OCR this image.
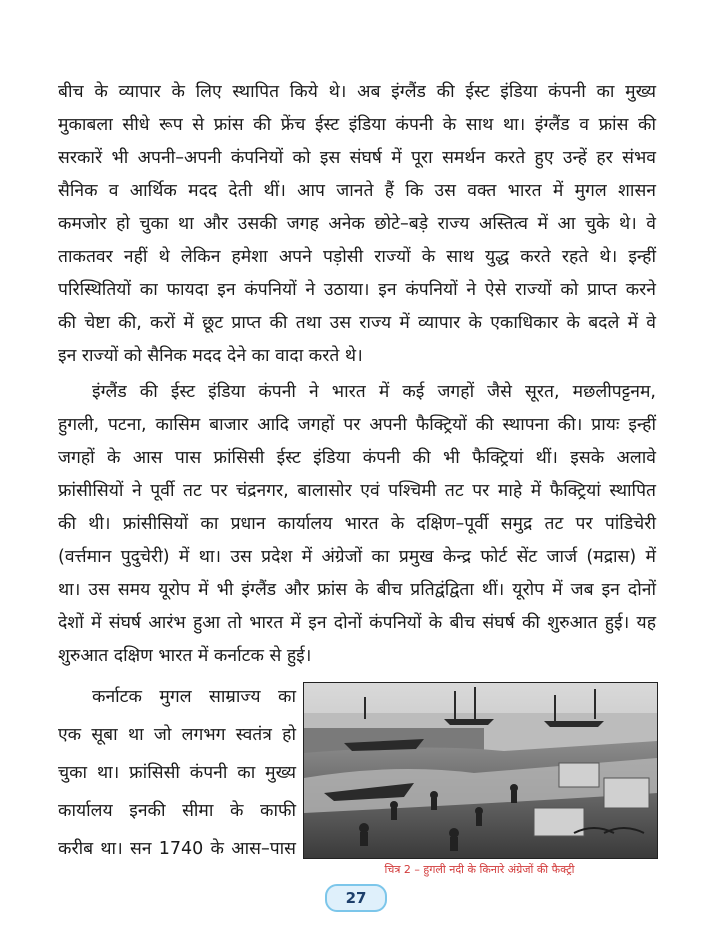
बीच के व्यापार के लिए स्थापित किये थे। अब इंग्लैंड की ईस्ट इंडिया कंपनी का मुख्य
मुकाबला सीधे रूप से फ्रांस की फ्रेंच ईस्ट इंडिया कंपनी के साथ था। इंग्लैंड व फ्रांस की
सरकारें भी अपनी–अपनी कंपनियों को इस संघर्ष में पूरा समर्थन करते हुए उन्हें हर संभव
सैनिक व आर्थिक मदद देती थीं। आप जानते हैं कि उस वक्त भारत में मुगल शासन
कमजोर हो चुका था और उसकी जगह अनेक छोटे–बड़े राज्य अस्तित्व में आ चुके थे। वे
ताकतवर नहीं थे लेकिन हमेशा अपने पड़ोसी राज्यों के साथ युद्ध करते रहते थे। इन्हीं
परिस्थितियों का फायदा इन कंपनियों ने उठाया। इन कंपनियों ने ऐसे राज्यों को प्राप्त करने
की चेष्टा की, करों में छूट प्राप्त की तथा उस राज्य में व्यापार के एकाधिकार के बदले में वे
इन राज्यों को सैनिक मदद देने का वादा करते थे।
इंग्लैंड की ईस्ट इंडिया कंपनी ने भारत में कई जगहों जैसे सूरत, मछलीपट्टनम,
हुगली, पटना, कासिम बाजार आदि जगहों पर अपनी फैक्ट्रियों की स्थापना की। प्रायः इन्हीं
जगहों के आस पास फ्रांसिसी ईस्ट इंडिया कंपनी की भी फैक्ट्रियां थीं। इसके अलावे
फ्रांसीसियों ने पूर्वी तट पर चंद्रनगर, बालासोर एवं पश्चिमी तट पर माहे में फैक्ट्रियां स्थापित
की थी। फ्रांसीसियों का प्रधान कार्यालय भारत के दक्षिण–पूर्वी समुद्र तट पर पांडिचेरी
(वर्त्तमान पुदुचेरी) में था। उस प्रदेश में अंग्रेजों का प्रमुख केन्द्र फोर्ट सेंट जार्ज (मद्रास) में
था। उस समय यूरोप में भी इंग्लैंड और फ्रांस के बीच प्रतिद्वंद्विता थीं। यूरोप में जब इन दोनों
देशों में संघर्ष आरंभ हुआ तो भारत में इन दोनों कंपनियों के बीच संघर्ष की शुरुआत हुई। यह
शुरुआत दक्षिण भारत में कर्नाटक से हुई।
कर्नाटक मुगल साम्राज्य का
एक सूबा था जो लगभग स्वतंत्र हो
चुका था। फ्रांसिसी कंपनी का मुख्य
कार्यालय इनकी सीमा के काफी
करीब था। सन 1740 के आस–पास
चित्र 2 – हुगली नदी के किनारे अंग्रेजों की फैक्ट्री
27
